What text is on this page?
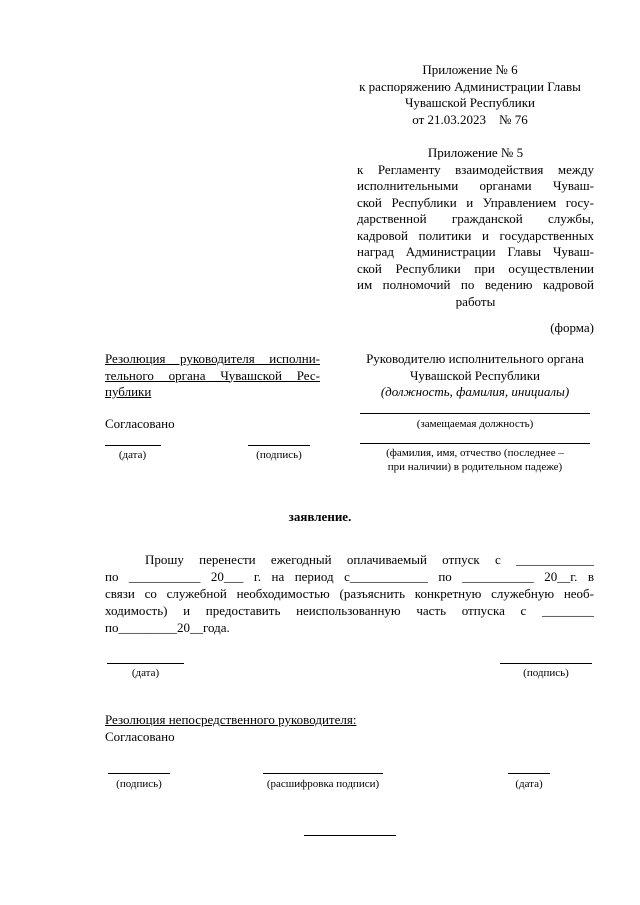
Приложение № 6
к распоряжению Администрации Главы
Чувашской Республики
от 21.03.2023    № 76
Приложение № 5
к Регламенту взаимодействия между
исполнительными органами Чуваш-
ской Республики и Управлением госу-
дарственной гражданской службы,
кадровой политики и государственных
наград Администрации Главы Чуваш-
ской Республики при осуществлении
им полномочий по ведению кадровой
работы
(форма)
Резолюция руководителя исполни-
тельного органа Чувашской Рес-
публики
Согласовано
(дата)	(подпись)
Руководителю исполнительного органа
Чувашской Республики
(должность, фамилия, инициалы)
(замещаемая должность)
(фамилия, имя, отчество (последнее –
при наличии) в родительном падеже)
заявление.
Прошу перенести ежегодный оплачиваемый отпуск с ____________
по ___________ 20___ г. на период с____________ по ___________ 20__г. в
связи со служебной необходимостью (разъяснить конкретную служебную необ-
ходимость) и предоставить неиспользованную часть отпуска с ________
по_________20__года.
(дата)	(подпись)
Резолюция непосредственного руководителя:
Согласовано
(подпись)	(расшифровка подписи)	(дата)
